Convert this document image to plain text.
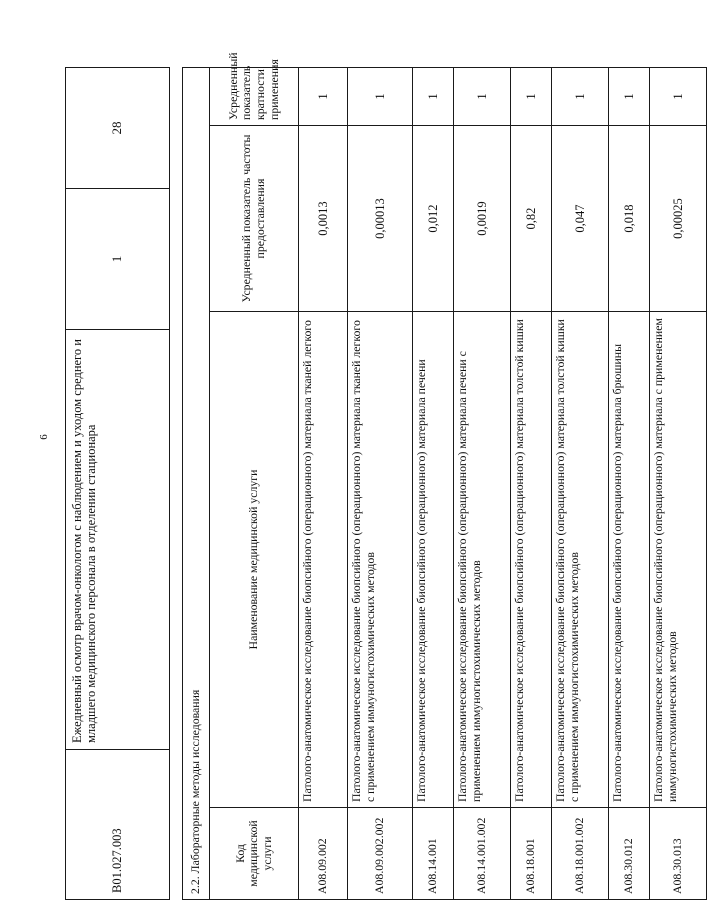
6
B01.027.003	Ежедневный осмотр врачом-онкологом с наблюдением и уходом среднего и младшего медицинского персонала в отделении стационара	1	28
2.2. Лабораторные методы исследования			
Код медицинской услуги	Наименование медицинской услуги	Усредненный показатель частоты предоставления	Усредненный показатель кратности применения
A08.09.002	Патолого-анатомическое исследование биопсийного (операционного) материала тканей легкого	0,0013	1
A08.09.002.002	Патолого-анатомическое исследование биопсийного (операционного) материала тканей легкого с применением иммуногистохимических методов	0,00013	1
A08.14.001	Патолого-анатомическое исследование биопсийного (операционного) материала печени	0,012	1
A08.14.001.002	Патолого-анатомическое исследование биопсийного (операционного) материала печени с применением иммуногистохимических методов	0,0019	1
A08.18.001	Патолого-анатомическое исследование биопсийного (операционного) материала толстой кишки	0,82	1
A08.18.001.002	Патолого-анатомическое исследование биопсийного (операционного) материала толстой кишки с применением иммуногистохимических методов	0,047	1
A08.30.012	Патолого-анатомическое исследование биопсийного (операционного) материала брюшины	0,018	1
A08.30.013	Патолого-анатомическое исследование биопсийного (операционного) материала с применением иммуногистохимических методов	0,00025	1
